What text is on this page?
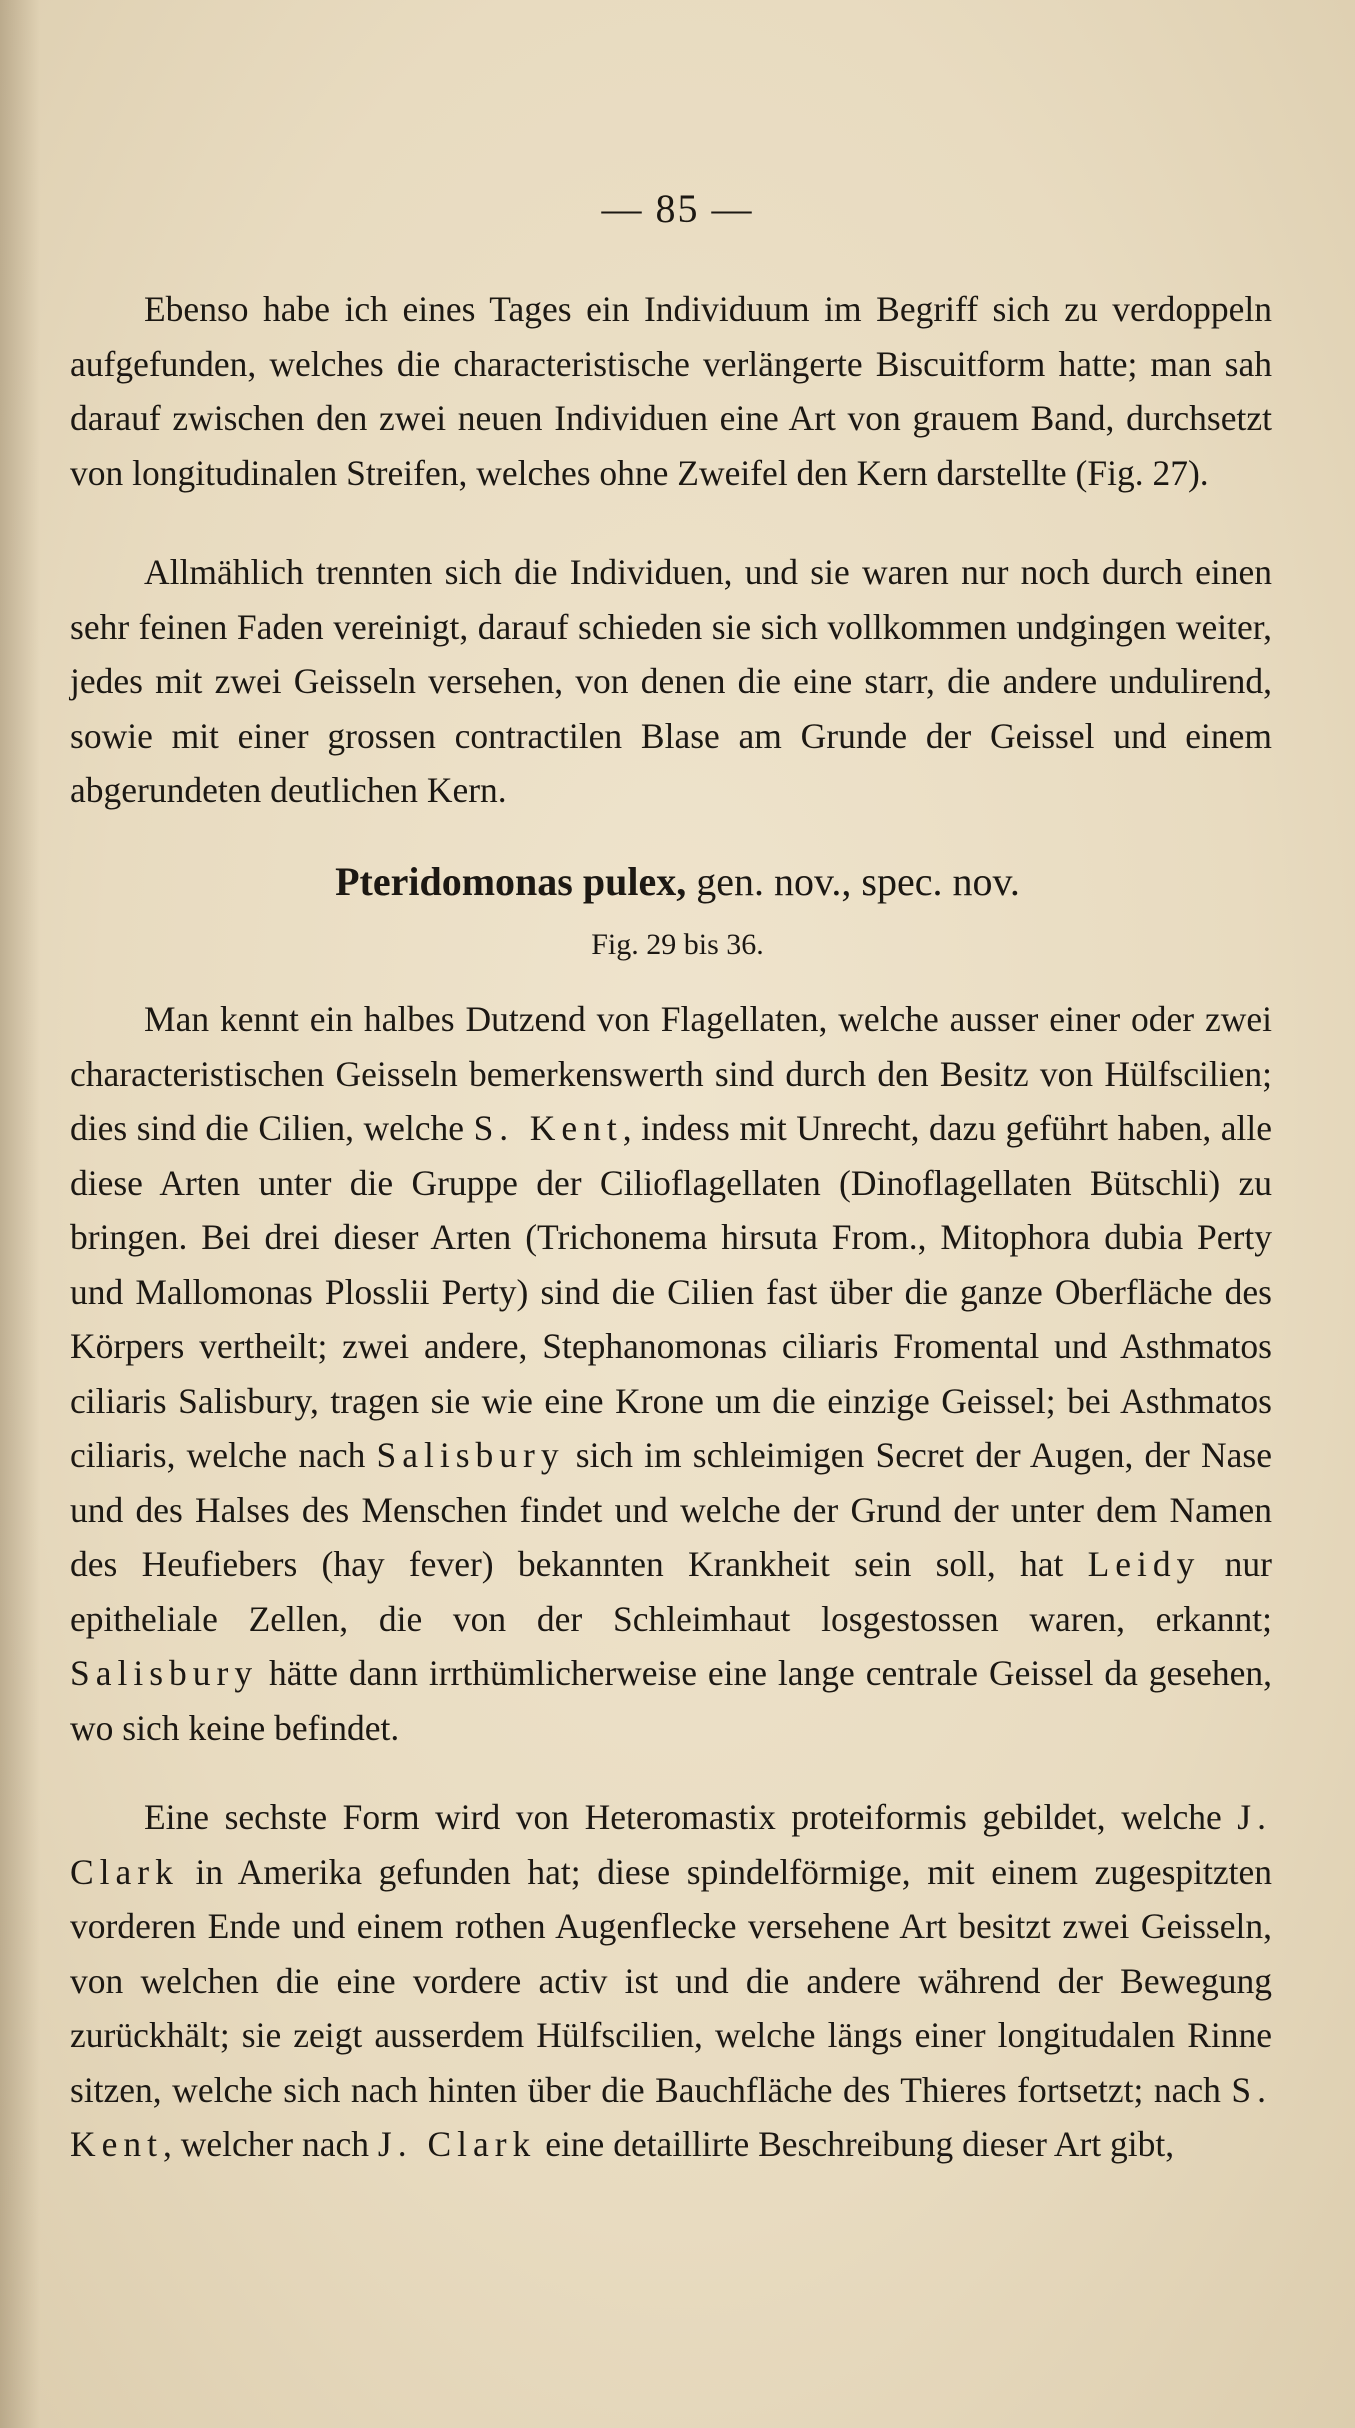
— 85 —

Ebenso habe ich eines Tages ein Individuum im Begriff sich zu verdoppeln aufgefunden, welches die characteristische verlängerte Biscuitform hatte; man sah darauf zwischen den zwei neuen Individuen eine Art von grauem Band, durchsetzt von longitudinalen Streifen, welches ohne Zweifel den Kern darstellte (Fig. 27).

Allmählich trennten sich die Individuen, und sie waren nur noch durch einen sehr feinen Faden vereinigt, darauf schieden sie sich vollkommen undgingen weiter, jedes mit zwei Geisseln versehen, von denen die eine starr, die andere undulirend, sowie mit einer grossen contractilen Blase am Grunde der Geissel und einem abgerundeten deutlichen Kern.

Pteridomonas pulex, gen. nov., spec. nov.
Fig. 29 bis 36.

Man kennt ein halbes Dutzend von Flagellaten, welche ausser einer oder zwei characteristischen Geisseln bemerkenswerth sind durch den Besitz von Hülfscilien; dies sind die Cilien, welche S. Kent, indess mit Unrecht, dazu geführt haben, alle diese Arten unter die Gruppe der Cilioflagellaten (Dinoflagellaten Bütschli) zu bringen. Bei drei dieser Arten (Trichonema hirsuta From., Mitophora dubia Perty und Mallomonas Plosslii Perty) sind die Cilien fast über die ganze Oberfläche des Körpers vertheilt; zwei andere, Stephanomonas ciliaris Fromental und Asthmatos ciliaris Salisbury, tragen sie wie eine Krone um die einzige Geissel; bei Asthmatos ciliaris, welche nach Salisbury sich im schleimigen Secret der Augen, der Nase und des Halses des Menschen findet und welche der Grund der unter dem Namen des Heufiebers (hay fever) bekannten Krankheit sein soll, hat Leidy nur epitheliale Zellen, die von der Schleimhaut losgestossen waren, erkannt; Salisbury hätte dann irrthümlicherweise eine lange centrale Geissel da gesehen, wo sich keine befindet.

Eine sechste Form wird von Heteromastix proteiformis gebildet, welche J. Clark in Amerika gefunden hat; diese spindelförmige, mit einem zugespitzten vorderen Ende und einem rothen Augenflecke versehene Art besitzt zwei Geisseln, von welchen die eine vordere activ ist und die andere während der Bewegung zurückhält; sie zeigt ausserdem Hülfscilien, welche längs einer longitudalen Rinne sitzen, welche sich nach hinten über die Bauchfläche des Thieres fortsetzt; nach S. Kent, welcher nach J. Clark eine detaillirte Beschreibung dieser Art gibt,
